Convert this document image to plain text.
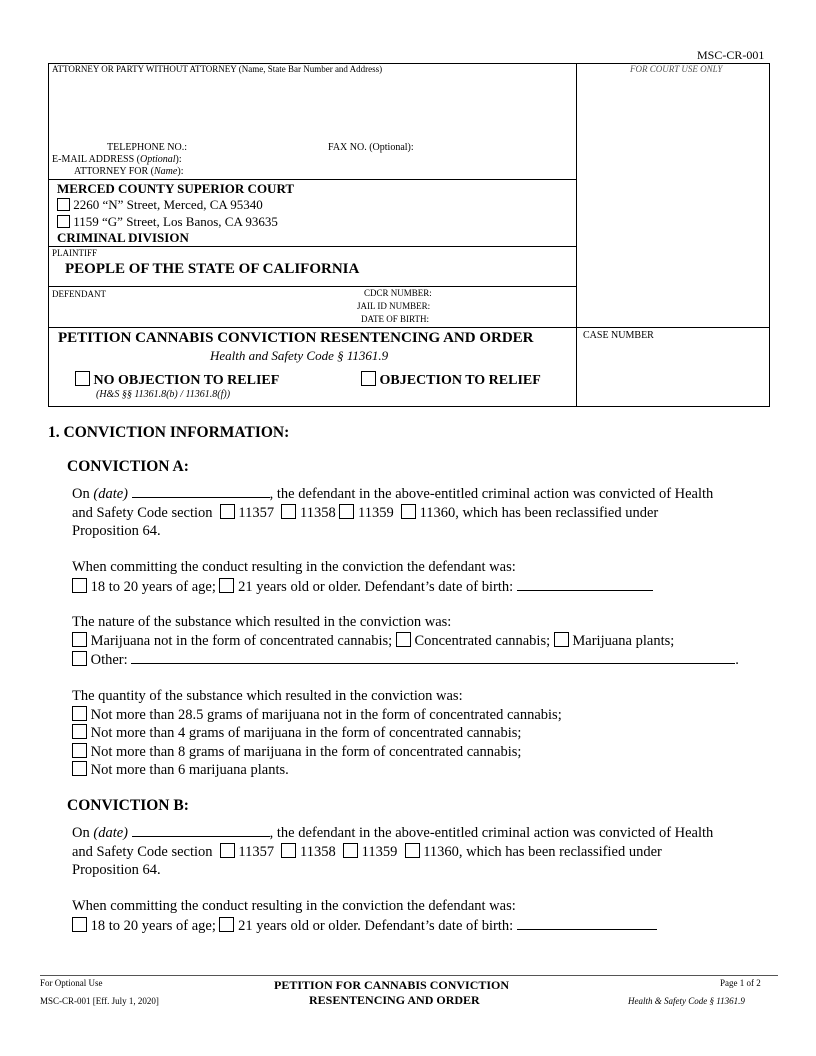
MSC-CR-001
ATTORNEY OR PARTY WITHOUT ATTORNEY (Name, State Bar Number and Address)	FOR COURT USE ONLY
TELEPHONE NO.:	FAX NO. (Optional):
E-MAIL ADDRESS (Optional):
ATTORNEY FOR (Name):
MERCED COUNTY SUPERIOR COURT
2260 “N” Street, Merced, CA 95340
1159 “G” Street, Los Banos, CA 93635
CRIMINAL DIVISION
PLAINTIFF
PEOPLE OF THE STATE OF CALIFORNIA
DEFENDANT	CDCR NUMBER:
JAIL ID NUMBER:
DATE OF BIRTH:
PETITION CANNABIS CONVICTION RESENTENCING AND ORDER
Health and Safety Code § 11361.9
NO OBJECTION TO RELIEF	OBJECTION TO RELIEF
(H&S §§ 11361.8(b) / 11361.8(f))
CASE NUMBER
1. CONVICTION INFORMATION:
CONVICTION A:
On (date)	, the defendant in the above-entitled criminal action was convicted of Health
and Safety Code section 11357 11358 11359 11360, which has been reclassified under
Proposition 64.
When committing the conduct resulting in the conviction the defendant was:
18 to 20 years of age; 21 years old or older. Defendant’s date of birth:
The nature of the substance which resulted in the conviction was:
Marijuana not in the form of concentrated cannabis; Concentrated cannabis; Marijuana plants;
Other:	.
The quantity of the substance which resulted in the conviction was:
Not more than 28.5 grams of marijuana not in the form of concentrated cannabis;
Not more than 4 grams of marijuana in the form of concentrated cannabis;
Not more than 8 grams of marijuana in the form of concentrated cannabis;
Not more than 6 marijuana plants.
CONVICTION B:
On (date)	, the defendant in the above-entitled criminal action was convicted of Health
and Safety Code section 11357 11358 11359 11360, which has been reclassified under
Proposition 64.
When committing the conduct resulting in the conviction the defendant was:
18 to 20 years of age; 21 years old or older. Defendant’s date of birth:
For Optional Use
MSC-CR-001 [Eff. July 1, 2020]
PETITION FOR CANNABIS CONVICTION
RESENTENCING AND ORDER
Page 1 of 2
Health & Safety Code § 11361.9
